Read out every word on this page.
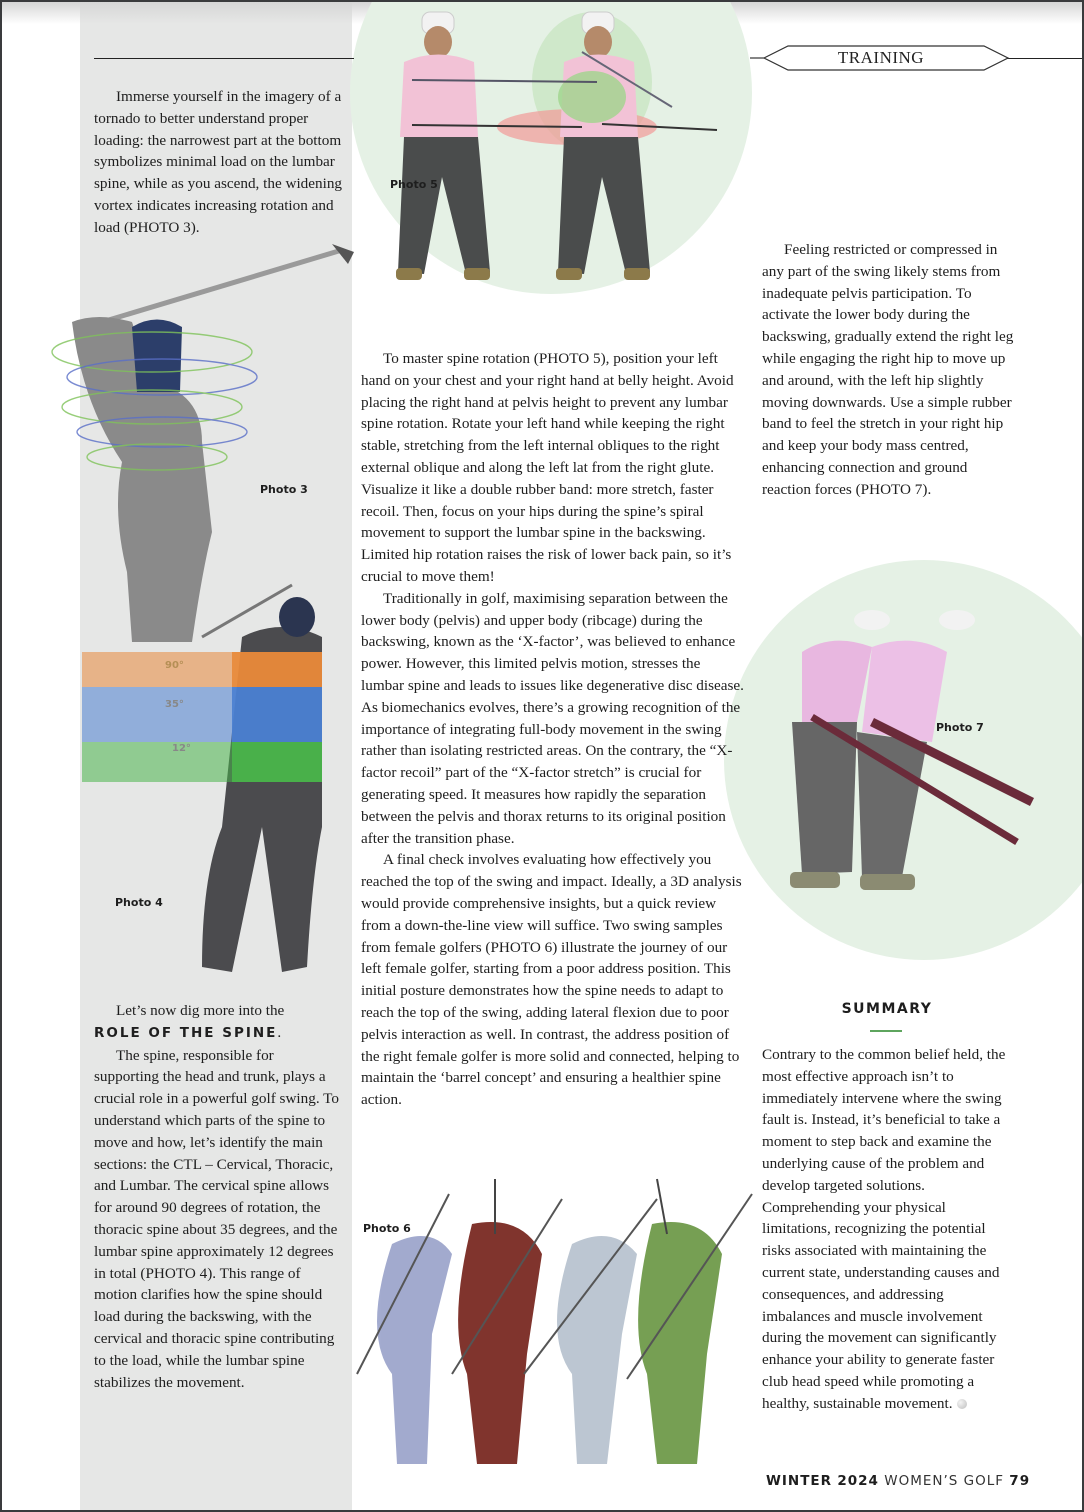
TRAINING
Photo 5

Immerse yourself in the imagery of a tornado to better understand proper loading: the narrowest part at the bottom symbolizes minimal load on the lumbar spine, while as you ascend, the widening vortex indicates increasing rotation and load (PHOTO 3).

Photo 3
90°
35°
12°
Photo 4

Let’s now dig more into the

ROLE OF THE SPINE.

The spine, responsible for supporting the head and trunk, plays a crucial role in a powerful golf swing. To understand which parts of the spine to move and how, let’s identify the main sections: the CTL – Cervical, Thoracic, and Lumbar. The cervical spine allows for around 90 degrees of rotation, the thoracic spine about 35 degrees, and the lumbar spine approximately 12 degrees in total (PHOTO 4). This range of motion clarifies how the spine should load during the backswing, with the cervical and thoracic spine contributing to the load, while the lumbar spine stabilizes the movement.

To master spine rotation (PHOTO 5), position your left hand on your chest and your right hand at belly height. Avoid placing the right hand at pelvis height to prevent any lumbar spine rotation. Rotate your left hand while keeping the right stable, stretching from the left internal obliques to the right external oblique and along the left lat from the right glute. Visualize it like a double rubber band: more stretch, faster recoil. Then, focus on your hips during the spine’s spiral movement to support the lumbar spine in the backswing. Limited hip rotation raises the risk of lower back pain, so it’s crucial to move them!

Traditionally in golf, maximising separation between the lower body (pelvis) and upper body (ribcage) during the backswing, known as the ‘X-factor’, was believed to enhance power. However, this limited pelvis motion, stresses the lumbar spine and leads to issues like degenerative disc disease. As biomechanics evolves, there’s a growing recognition of the importance of integrating full-body movement in the swing rather than isolating restricted areas. On the contrary, the “X-factor recoil” part of the “X-factor stretch” is crucial for generating speed. It measures how rapidly the separation between the pelvis and thorax returns to its original position after the transition phase.

A final check involves evaluating how effectively you reached the top of the swing and impact. Ideally, a 3D analysis would provide comprehensive insights, but a quick review from a down-the-line view will suffice. Two swing samples from female golfers (PHOTO 6) illustrate the journey of our left female golfer, starting from a poor address position. This initial posture demonstrates how the spine needs to adapt to reach the top of the swing, adding lateral flexion due to poor pelvis interaction as well. In contrast, the address position of the right female golfer is more solid and connected, helping to maintain the ‘barrel concept’ and ensuring a healthier spine action.

Photo 6

Feeling restricted or compressed in any part of the swing likely stems from inadequate pelvis participation. To activate the lower body during the backswing, gradually extend the right leg while engaging the right hip to move up and around, with the left hip slightly moving downwards. Use a simple rubber band to feel the stretch in your right hip and keep your body mass centred, enhancing connection and ground reaction forces (PHOTO 7).

Photo 7
SUMMARY

Contrary to the common belief held, the most effective approach isn’t to immediately intervene where the swing fault is. Instead, it’s beneficial to take a moment to step back and examine the underlying cause of the problem and develop targeted solutions. Comprehending your physical limitations, recognizing the potential risks associated with maintaining the current state, understanding causes and consequences, and addressing imbalances and muscle involvement during the movement can significantly enhance your ability to generate faster club head speed while promoting a healthy, sustainable movement.

WINTER 2024 WOMEN’S GOLF 79
